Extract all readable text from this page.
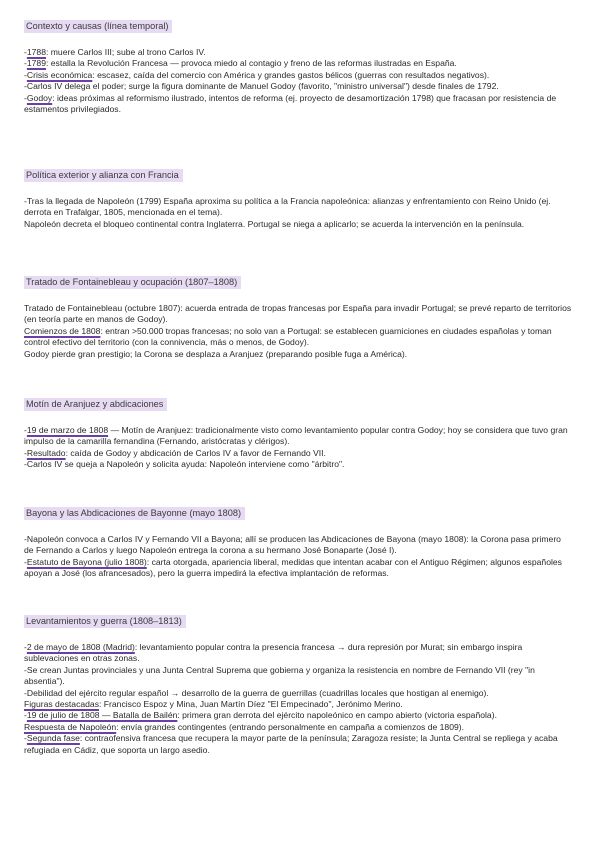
Contexto y causas (línea temporal)

-1788: muere Carlos III; sube al trono Carlos IV.

-1789: estalla la Revolución Francesa — provoca miedo al contagio y freno de las reformas ilustradas en España.

-Crisis económica: escasez, caída del comercio con América y grandes gastos bélicos (guerras con resultados negativos).

-Carlos IV delega el poder; surge la figura dominante de Manuel Godoy (favorito, "ministro universal") desde finales de 1792.

-Godoy: ideas próximas al reformismo ilustrado, intentos de reforma (ej. proyecto de desamortización 1798) que fracasan por resistencia de estamentos privilegiados.

Política exterior y alianza con Francia

-Tras la llegada de Napoleón (1799) España aproxima su política a la Francia napoleónica: alianzas y enfrentamiento con Reino Unido (ej. derrota en Trafalgar, 1805, mencionada en el tema).

Napoleón decreta el bloqueo continental contra Inglaterra. Portugal se niega a aplicarlo; se acuerda la intervención en la península.

Tratado de Fontainebleau y ocupación (1807–1808)

Tratado de Fontainebleau (octubre 1807): acuerda entrada de tropas francesas por España para invadir Portugal; se prevé reparto de territorios (en teoría parte en manos de Godoy).

Comienzos de 1808: entran >50.000 tropas francesas; no solo van a Portugal: se establecen guarniciones en ciudades españolas y toman control efectivo del territorio (con la connivencia, más o menos, de Godoy).

Godoy pierde gran prestigio; la Corona se desplaza a Aranjuez (preparando posible fuga a América).

Motín de Aranjuez y abdicaciones

-19 de marzo de 1808 — Motín de Aranjuez: tradicionalmente visto como levantamiento popular contra Godoy; hoy se considera que tuvo gran impulso de la camarilla fernandina (Fernando, aristócratas y clérigos).

-Resultado: caída de Godoy y abdicación de Carlos IV a favor de Fernando VII.

-Carlos IV se queja a Napoleón y solicita ayuda: Napoleón interviene como "árbitro".

Bayona y las Abdicaciones de Bayonne (mayo 1808)

-Napoleón convoca a Carlos IV y Fernando VII a Bayona; allí se producen las Abdicaciones de Bayona (mayo 1808): la Corona pasa primero de Fernando a Carlos y luego Napoleón entrega la corona a su hermano José Bonaparte (José I).

-Estatuto de Bayona (julio 1808): carta otorgada, apariencia liberal, medidas que intentan acabar con el Antiguo Régimen; algunos españoles apoyan a José (los afrancesados), pero la guerra impedirá la efectiva implantación de reformas.

Levantamientos y guerra (1808–1813)

-2 de mayo de 1808 (Madrid): levantamiento popular contra la presencia francesa → dura represión por Murat; sin embargo inspira sublevaciones en otras zonas.

-Se crean Juntas provinciales y una Junta Central Suprema que gobierna y organiza la resistencia en nombre de Fernando VII (rey "in absentia").

-Debilidad del ejército regular español → desarrollo de la guerra de guerrillas (cuadrillas locales que hostigan al enemigo).

Figuras destacadas: Francisco Espoz y Mina, Juan Martín Díez "El Empecinado", Jerónimo Merino.

-19 de julio de 1808 — Batalla de Bailén: primera gran derrota del ejército napoleónico en campo abierto (victoria española).

Respuesta de Napoleón: envía grandes contingentes (entrando personalmente en campaña a comienzos de 1809).

-Segunda fase: contraofensiva francesa que recupera la mayor parte de la península; Zaragoza resiste; la Junta Central se repliega y acaba refugiada en Cádiz, que soporta un largo asedio.
